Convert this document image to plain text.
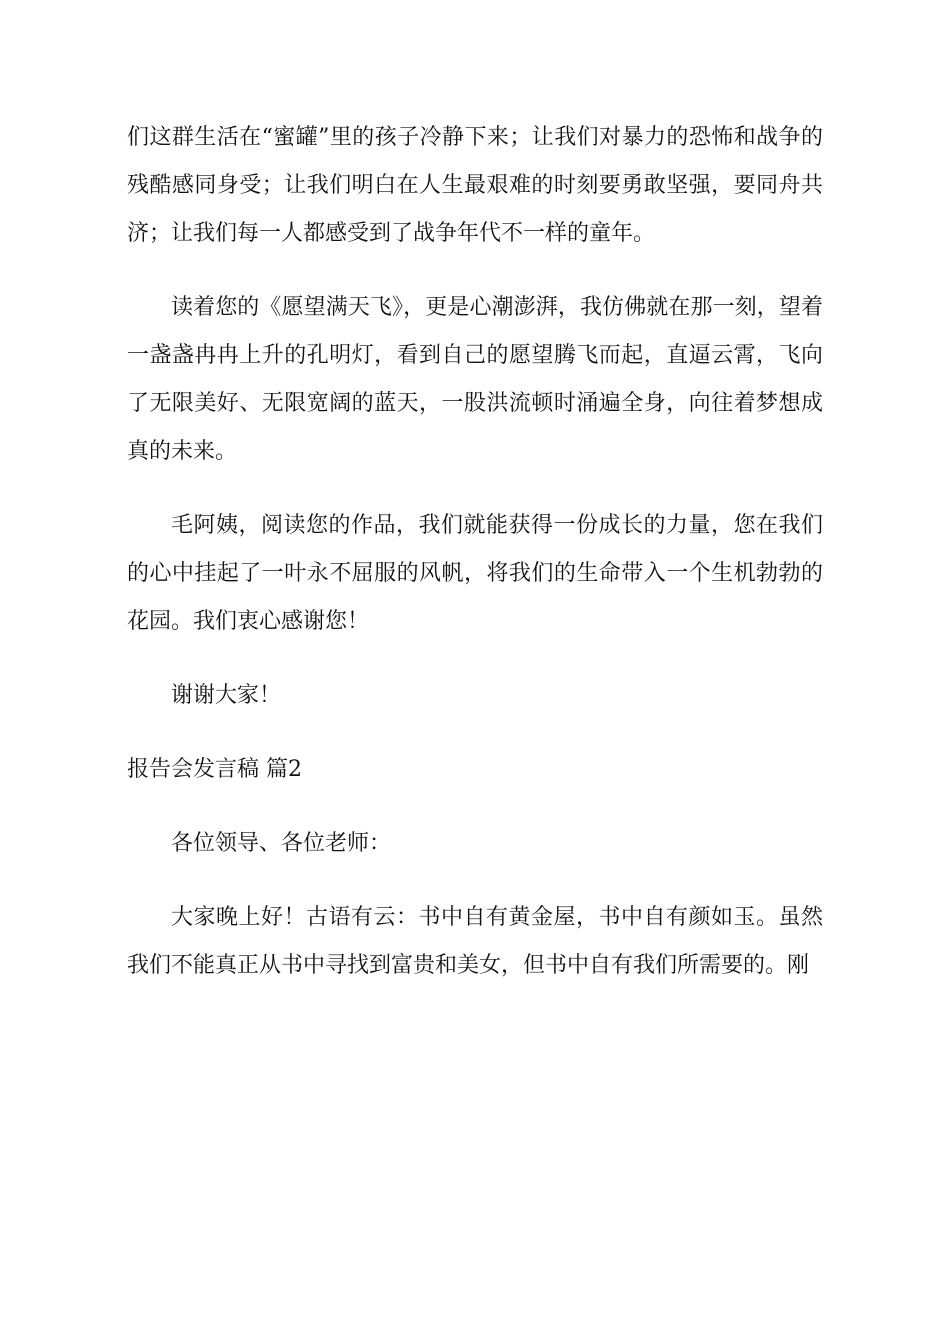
们这群生活在“蜜罐”里的孩子冷静下来；让我们对暴力的恐怖和战争的残酷感同身受；让我们明白在人生最艰难的时刻要勇敢坚强，要同舟共济；让我们每一人都感受到了战争年代不一样的童年。

读着您的《愿望满天飞》，更是心潮澎湃，我仿佛就在那一刻，望着一盏盏冉冉上升的孔明灯，看到自己的愿望腾飞而起，直逼云霄，飞向了无限美好、无限宽阔的蓝天，一股洪流顿时涌遍全身，向往着梦想成真的未来。

毛阿姨，阅读您的作品，我们就能获得一份成长的力量，您在我们的心中挂起了一叶永不屈服的风帆，将我们的生命带入一个生机勃勃的花园。我们衷心感谢您！

谢谢大家！

报告会发言稿 篇2

各位领导、各位老师：

大家晚上好！古语有云：书中自有黄金屋，书中自有颜如玉。虽然我们不能真正从书中寻找到富贵和美女，但书中自有我们所需要的。刚
